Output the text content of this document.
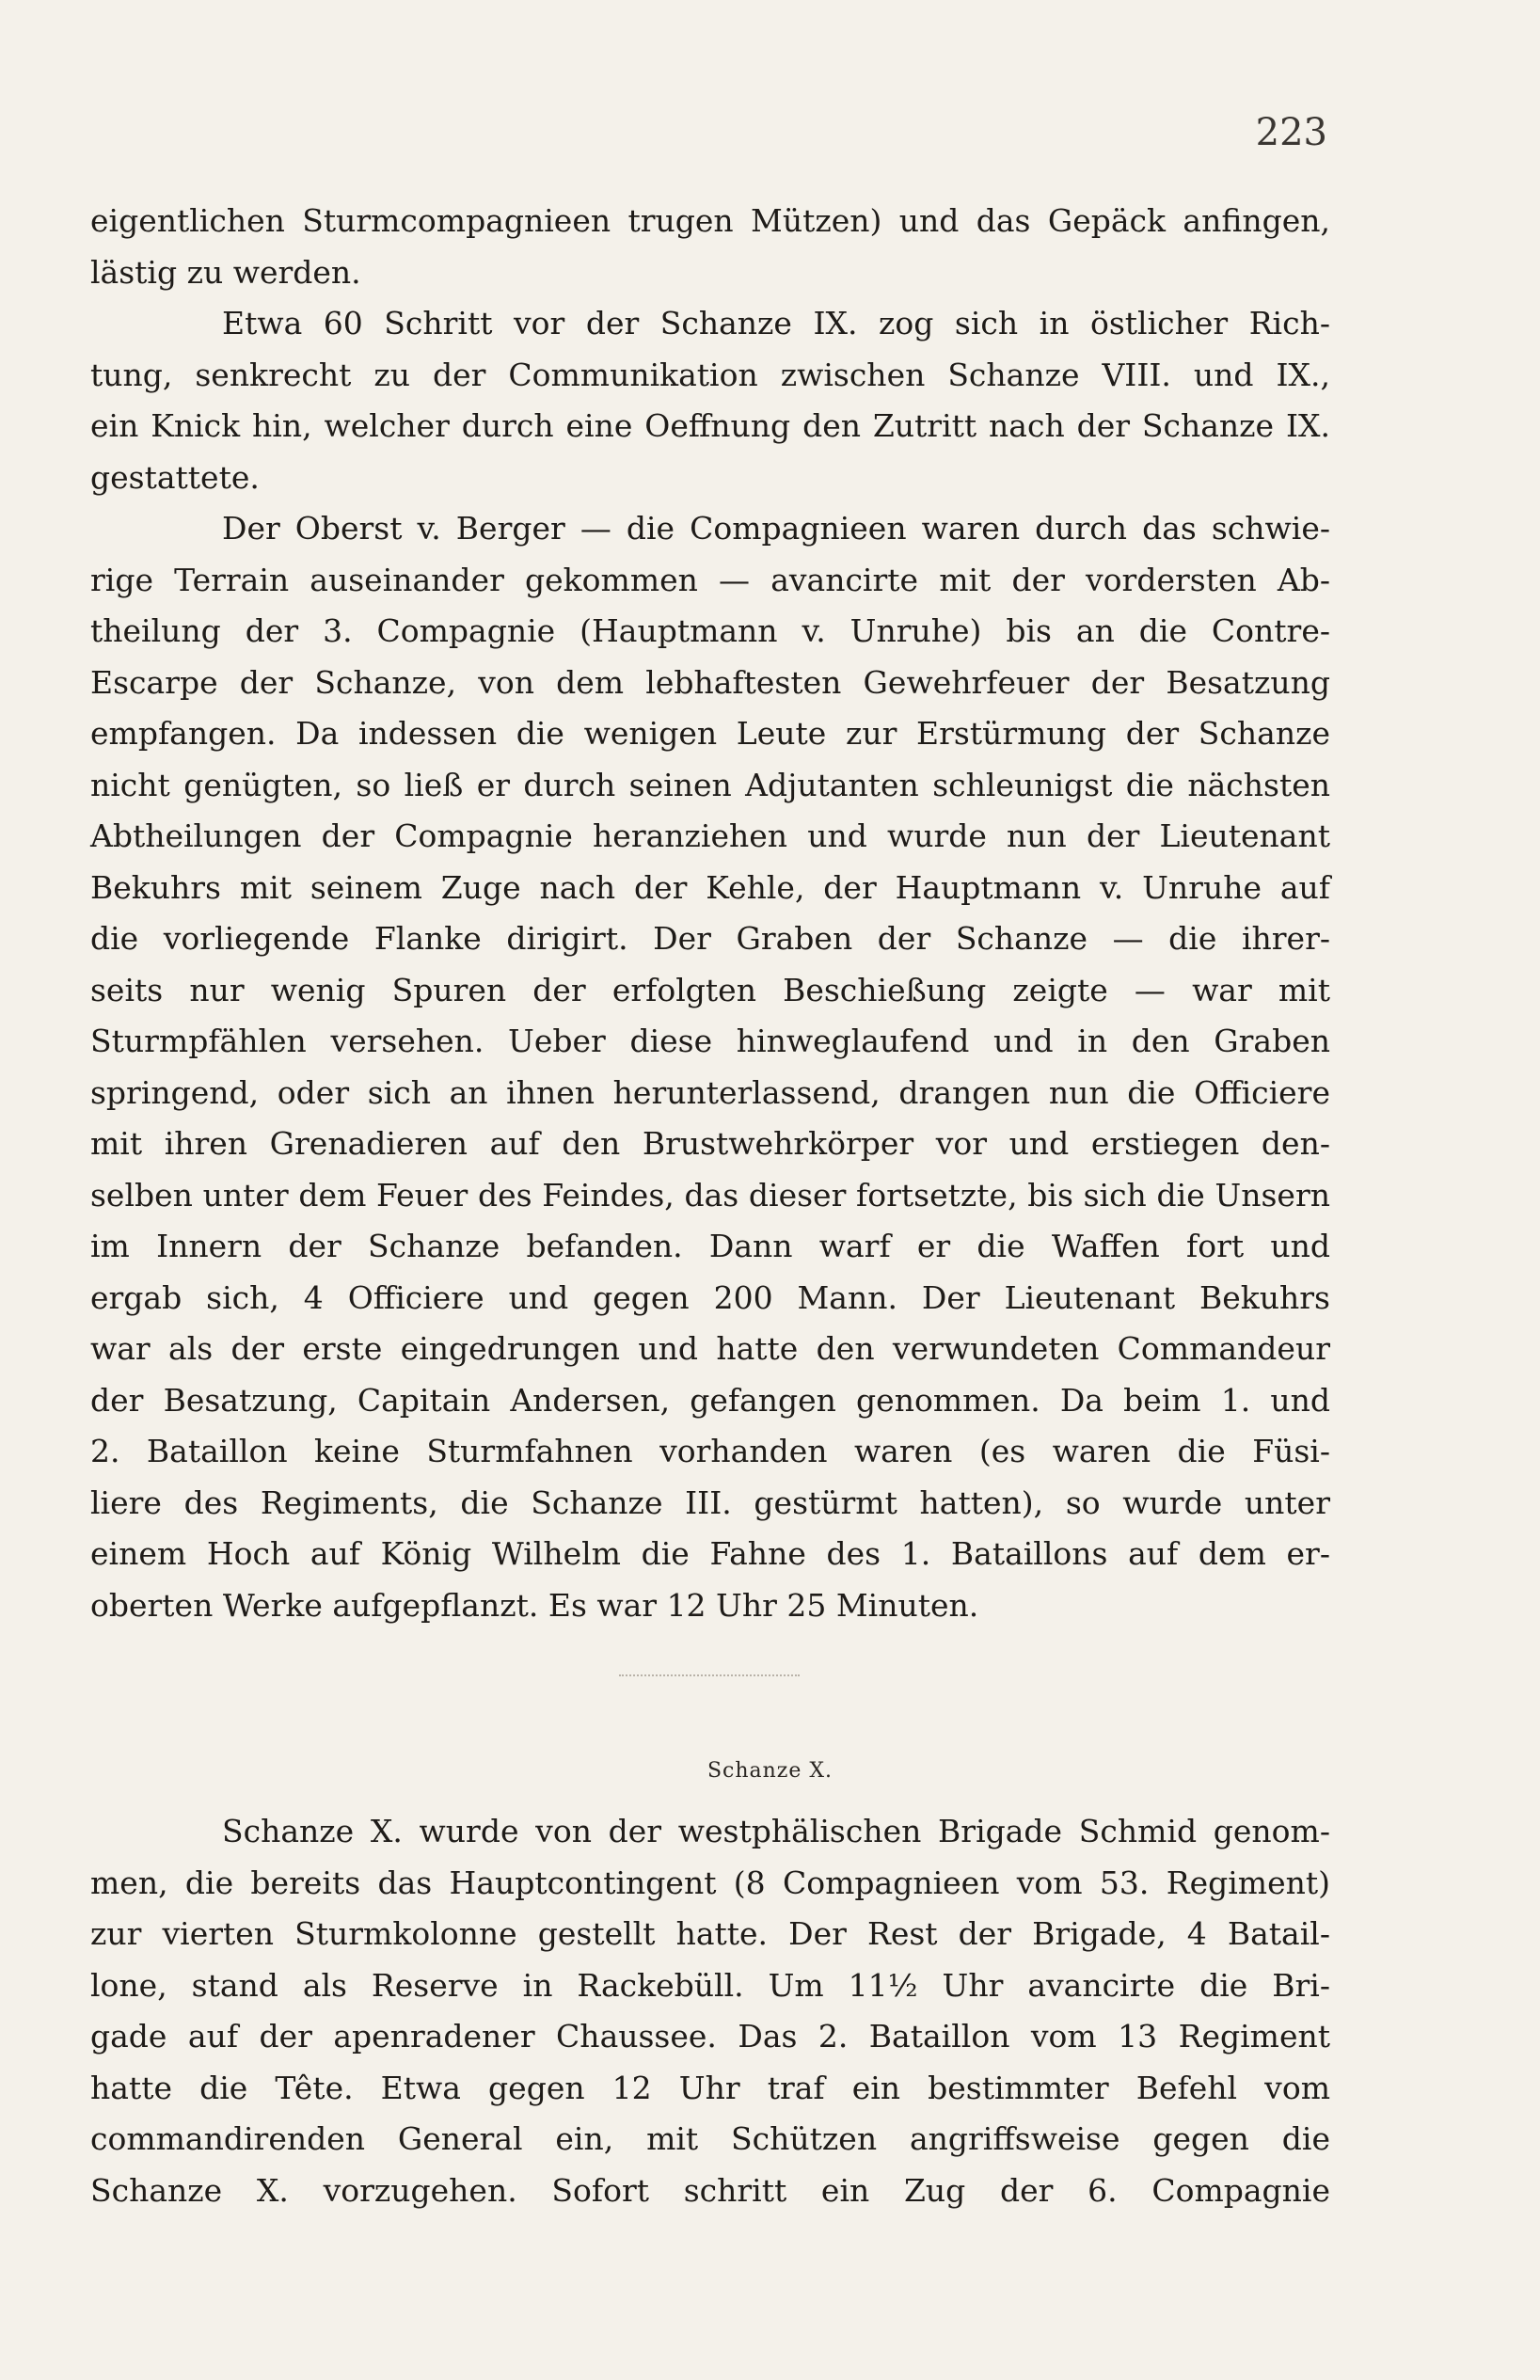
223
eigentlichen Sturmcompagnieen trugen Mützen) und das Gepäck anfingen,
lästig zu werden.
Etwa 60 Schritt vor der Schanze IX. zog sich in östlicher Rich-
tung, senkrecht zu der Communikation zwischen Schanze VIII. und IX.,
ein Knick hin, welcher durch eine Oeffnung den Zutritt nach der Schanze IX.
gestattete.
Der Oberst v. Berger — die Compagnieen waren durch das schwie-
rige Terrain auseinander gekommen — avancirte mit der vordersten Ab-
theilung der 3. Compagnie (Hauptmann v. Unruhe) bis an die Contre-
Escarpe der Schanze, von dem lebhaftesten Gewehrfeuer der Besatzung
empfangen. Da indessen die wenigen Leute zur Erstürmung der Schanze
nicht genügten, so ließ er durch seinen Adjutanten schleunigst die nächsten
Abtheilungen der Compagnie heranziehen und wurde nun der Lieutenant
Bekuhrs mit seinem Zuge nach der Kehle, der Hauptmann v. Unruhe auf
die vorliegende Flanke dirigirt. Der Graben der Schanze — die ihrer-
seits nur wenig Spuren der erfolgten Beschießung zeigte — war mit
Sturmpfählen versehen. Ueber diese hinweglaufend und in den Graben
springend, oder sich an ihnen herunterlassend, drangen nun die Officiere
mit ihren Grenadieren auf den Brustwehrkörper vor und erstiegen den-
selben unter dem Feuer des Feindes, das dieser fortsetzte, bis sich die Unsern
im Innern der Schanze befanden. Dann warf er die Waffen fort und
ergab sich, 4 Officiere und gegen 200 Mann. Der Lieutenant Bekuhrs
war als der erste eingedrungen und hatte den verwundeten Commandeur
der Besatzung, Capitain Andersen, gefangen genommen. Da beim 1. und
2. Bataillon keine Sturmfahnen vorhanden waren (es waren die Füsi-
liere des Regiments, die Schanze III. gestürmt hatten), so wurde unter
einem Hoch auf König Wilhelm die Fahne des 1. Bataillons auf dem er-
oberten Werke aufgepflanzt. Es war 12 Uhr 25 Minuten.
Schanze X.
Schanze X. wurde von der westphälischen Brigade Schmid genom-
men, die bereits das Hauptcontingent (8 Compagnieen vom 53. Regiment)
zur vierten Sturmkolonne gestellt hatte. Der Rest der Brigade, 4 Batail-
lone, stand als Reserve in Rackebüll. Um 11½ Uhr avancirte die Bri-
gade auf der apenradener Chaussee. Das 2. Bataillon vom 13 Regiment
hatte die Tête. Etwa gegen 12 Uhr traf ein bestimmter Befehl vom
commandirenden General ein, mit Schützen angriffsweise gegen die
Schanze X. vorzugehen. Sofort schritt ein Zug der 6. Compagnie
